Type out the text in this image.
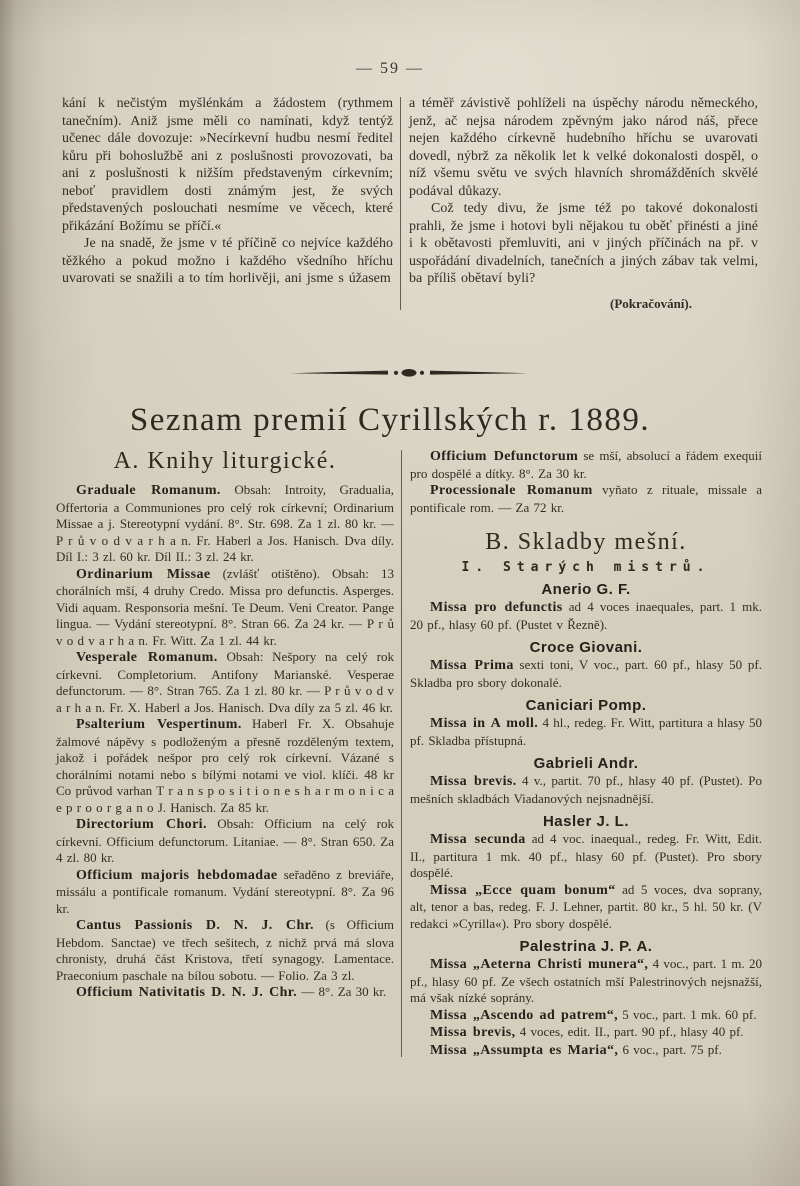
— 59 —

kání k nečistým myšlénkám a žádostem (rythmem tanečním). Aniž jsme měli co namínati, když tentýž učenec dále dovozuje: »Necírkevní hudbu nesmí ředitel kůru při bohoslužbě ani z poslušnosti provozovati, ba ani z poslušnosti k nižším představeným církevním; neboť pravidlem dosti známým jest, že svých představených poslouchati nesmíme ve věcech, které přikázání Božímu se příčí.«

Je na snadě, že jsme v té příčině co nejvíce každého těžkého a pokud možno i každého všedního hříchu uvarovati se snažili a to tím horlivěji, ani jsme s úžasem

a téměř závistivě pohlíželi na úspěchy národu německého, jenž, ač nejsa národem zpěvným jako národ náš, přece nejen každého církevně hudebního hříchu se uvarovati dovedl, nýbrž za několik let k velké dokonalosti dospěl, o níž všemu světu ve svých hlavních shromážděních skvělé podával důkazy.

Což tedy divu, že jsme též po takové dokonalosti prahli, že jsme i hotovi byli nějakou tu oběť přinésti a jiné i k obětavosti přemluviti, ani v jiných příčinách na př. v uspořádání divadelních, tanečních a jiných zábav tak velmi, ba příliš obětaví byli?

(Pokračování).

Seznam premií Cyrillských r. 1889.
A. Knihy liturgické.

Graduale Romanum. Obsah: Introity, Gradualia, Offertoria a Communiones pro celý rok církevní; Ordinarium Missae a j. Stereotypní vydání. 8°. Str. 698. Za 1 zl. 80 kr. — P r ů v o d v a r h a n. Fr. Haberl a Jos. Hanisch. Dva díly. Díl I.: 3 zl. 60 kr. Díl II.: 3 zl. 24 kr.

Ordinarium Missae (zvlášť otištěno). Obsah: 13 chorálních mší, 4 druhy Credo. Missa pro defunctis. Asperges. Vidi aquam. Responsoria mešní. Te Deum. Veni Creator. Pange lingua. — Vydání stereotypní. 8°. Stran 66. Za 24 kr. — P r ů v o d v a r h a n. Fr. Witt. Za 1 zl. 44 kr.

Vesperale Romanum. Obsah: Nešpory na celý rok církevní. Completorium. Antifony Marianské. Vesperae defunctorum. — 8°. Stran 765. Za 1 zl. 80 kr. — P r ů v o d v a r h a n. Fr. X. Haberl a Jos. Hanisch. Dva díly za 5 zl. 46 kr.

Psalterium Vespertinum. Haberl Fr. X. Obsahuje žalmové nápěvy s podloženým a přesně rozděleným textem, jakož i pořádek nešpor pro celý rok církevní. Vázané s chorálními notami nebo s bílými notami ve viol. klíči. 48 kr Co průvod varhan T r a n s p o s i t i o n e s h a r m o n i c a e p r o o r g a n o J. Hanisch. Za 85 kr.

Directorium Chori. Obsah: Officium na celý rok církevní. Officium defunctorum. Litaniae. — 8°. Stran 650. Za 4 zl. 80 kr.

Officium majoris hebdomadae seřaděno z breviáře, missálu a pontificale romanum. Vydání stereotypní. 8°. Za 96 kr.

Cantus Passionis D. N. J. Chr. (s Officium Hebdom. Sanctae) ve třech sešitech, z nichž prvá má slova chronisty, druhá část Kristova, třetí synagogy. Lamentace. Praeconium paschale na bílou sobotu. — Folio. Za 3 zl.

Officium Nativitatis D. N. J. Chr. — 8°. Za 30 kr.

Officium Defunctorum se mší, absolucí a řádem exequií pro dospělé a dítky. 8°. Za 30 kr.

Processionale Romanum vyňato z rituale, missale a pontificale rom. — Za 72 kr.

B. Skladby mešní.
I. Starých mistrů.
Anerio G. F.

Missa pro defunctis ad 4 voces inaequales, part. 1 mk. 20 pf., hlasy 60 pf. (Pustet v Řezně).

Croce Giovani.

Missa Prima sexti toni, V voc., part. 60 pf., hlasy 50 pf. Skladba pro sbory dokonalé.

Caniciari Pomp.

Missa in A moll. 4 hl., redeg. Fr. Witt, partitura a hlasy 50 pf. Skladba přístupná.

Gabrieli Andr.

Missa brevis. 4 v., partit. 70 pf., hlasy 40 pf. (Pustet). Po mešních skladbách Viadanových nejsnadnější.

Hasler J. L.

Missa secunda ad 4 voc. inaequal., redeg. Fr. Witt, Edit. II., partitura 1 mk. 40 pf., hlasy 60 pf. (Pustet). Pro sbory dospělé.

Missa „Ecce quam bonum“ ad 5 voces, dva soprany, alt, tenor a bas, redeg. F. J. Lehner, partit. 80 kr., 5 hl. 50 kr. (V redakci »Cyrilla«). Pro sbory dospělé.

Palestrina J. P. A.

Missa „Aeterna Christi munera“, 4 voc., part. 1 m. 20 pf., hlasy 60 pf. Ze všech ostatních mší Palestrinových nejsnažší, má však nízké soprány.

Missa „Ascendo ad patrem“, 5 voc., part. 1 mk. 60 pf.

Missa brevis, 4 voces, edit. II., part. 90 pf., hlasy 40 pf.

Missa „Assumpta es Maria“, 6 voc., part. 75 pf.
